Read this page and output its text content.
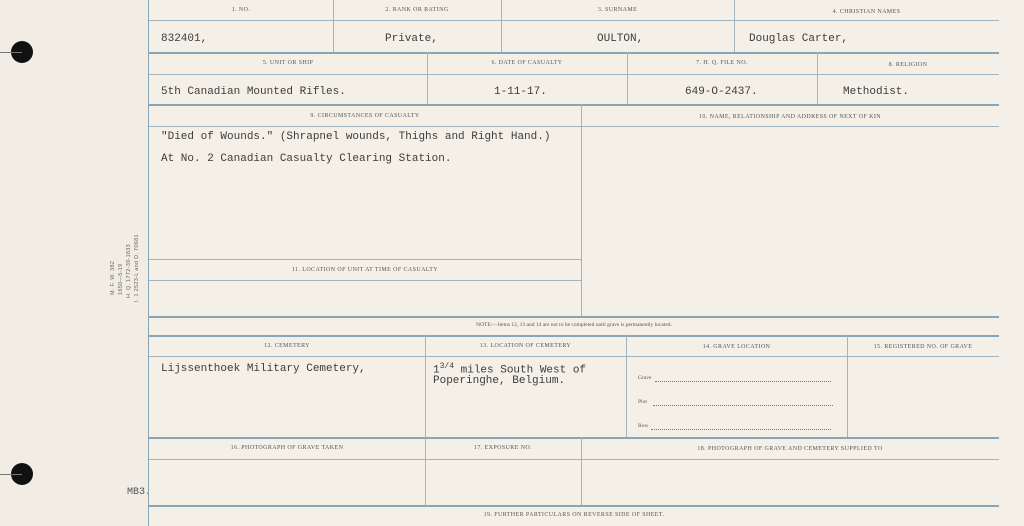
M. F. W. 382 1650—5-19 H. Q. 1772-39-1833 I. 1 2523-L and D. 70681
MB3.
1. NO.
832401,
2. RANK OR RATING
Private,
3. SURNAME
OULTON,
4. CHRISTIAN NAMES
Douglas Carter,
5. UNIT OR SHIP
5th Canadian Mounted Rifles.
6. DATE OF CASUALTY
1-11-17.
7. H. Q. FILE NO.
649-O-2437.
8. RELIGION
Methodist.
9. CIRCUMSTANCES OF CASUALTY
"Died of Wounds." (Shrapnel wounds, Thighs and Right Hand.)
At No. 2 Canadian Casualty Clearing Station.
10. NAME, RELATIONSHIP AND ADDRESS OF NEXT OF KIN
11. LOCATION OF UNIT AT TIME OF CASUALTY
NOTE:—Items 12, 13 and 14 are not to be completed until grave is permanently located.
12. CEMETERY
Lijssenthoek Military Cemetery,
13. LOCATION OF CEMETERY
$1^{3/4}$ miles South West of
Poperinghe, Belgium.
14. GRAVE LOCATION
Grave
Plot
Row
15. REGISTERED NO. OF GRAVE
16. PHOTOGRAPH OF GRAVE TAKEN	17. EXPOSURE NO.	18. PHOTOGRAPH OF GRAVE AND CEMETERY SUPPLIED TO
19. FURTHER PARTICULARS ON REVERSE SIDE OF SHEET.
